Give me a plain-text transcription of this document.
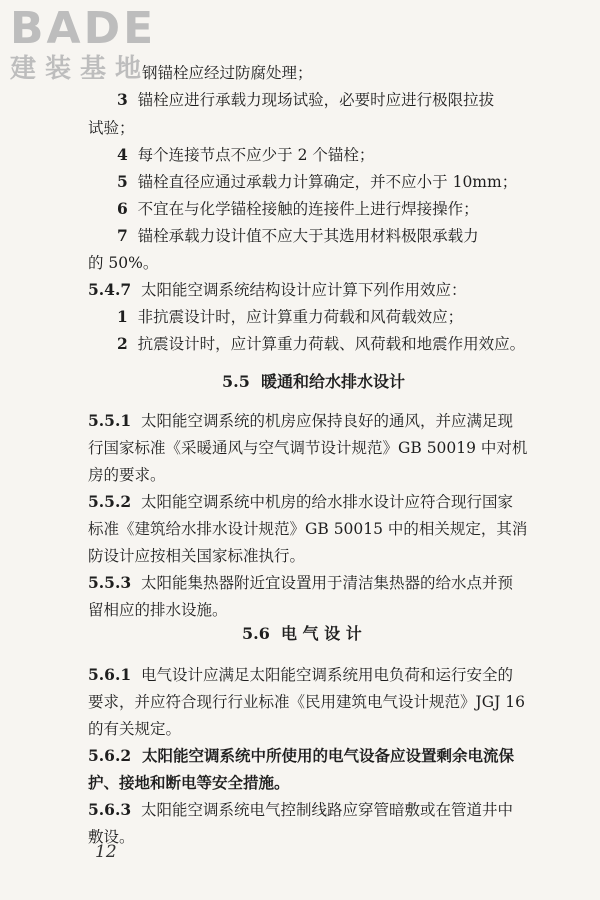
BADE
建装基地
钢锚栓应经过防腐处理；
3 锚栓应进行承载力现场试验，必要时应进行极限拉拔
试验；
4 每个连接节点不应少于 2 个锚栓；
5 锚栓直径应通过承载力计算确定，并不应小于 10mm；
6 不宜在与化学锚栓接触的连接件上进行焊接操作；
7 锚栓承载力设计值不应大于其选用材料极限承载力
的 50%。
5.4.7 太阳能空调系统结构设计应计算下列作用效应：
1 非抗震设计时，应计算重力荷载和风荷载效应；
2 抗震设计时，应计算重力荷载、风荷载和地震作用效应。
5.5 暖通和给水排水设计
5.5.1 太阳能空调系统的机房应保持良好的通风，并应满足现
行国家标准《采暖通风与空气调节设计规范》GB 50019 中对机
房的要求。
5.5.2 太阳能空调系统中机房的给水排水设计应符合现行国家
标准《建筑给水排水设计规范》GB 50015 中的相关规定，其消
防设计应按相关国家标准执行。
5.5.3 太阳能集热器附近宜设置用于清洁集热器的给水点并预
留相应的排水设施。
5.6 电 气 设 计
5.6.1 电气设计应满足太阳能空调系统用电负荷和运行安全的
要求，并应符合现行行业标准《民用建筑电气设计规范》JGJ 16
的有关规定。
5.6.2 太阳能空调系统中所使用的电气设备应设置剩余电流保
护、接地和断电等安全措施。
5.6.3 太阳能空调系统电气控制线路应穿管暗敷或在管道井中
敷设。
12
